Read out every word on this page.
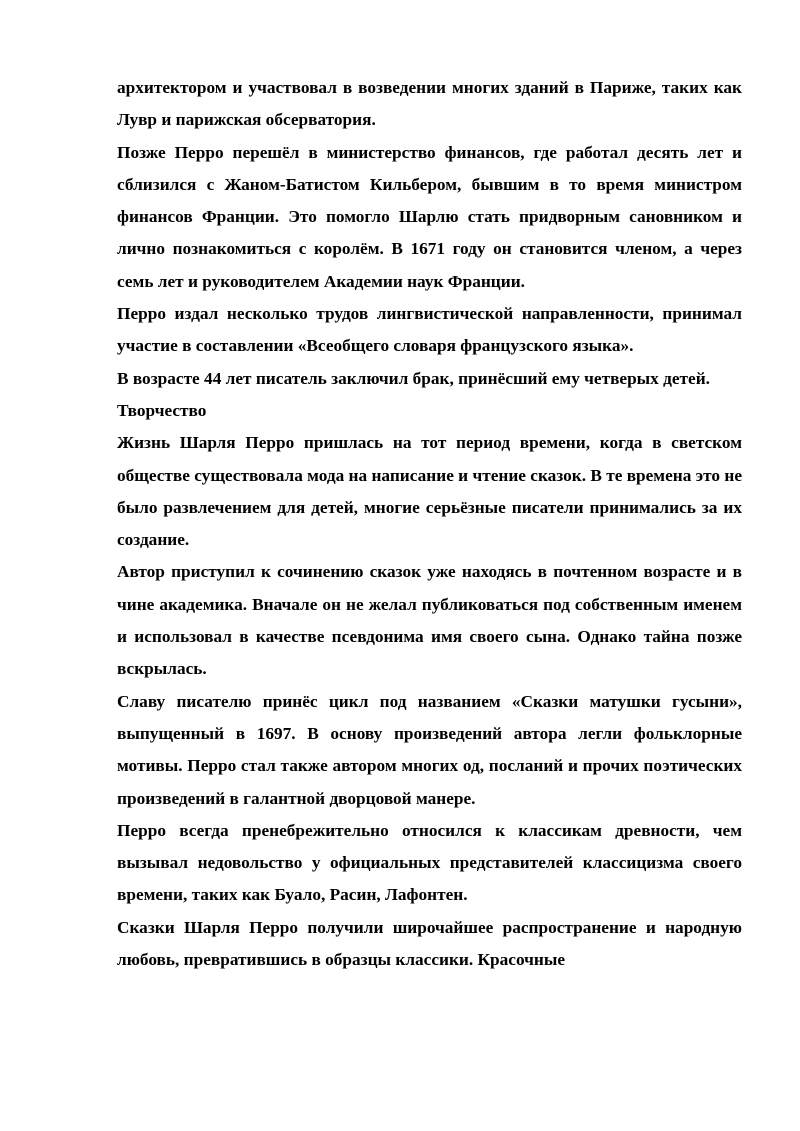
архитектором и участвовал в возведении многих зданий в Париже, таких как Лувр и парижская обсерватория.

Позже Перро перешёл в министерство финансов, где работал десять лет и сблизился с Жаном-Батистом Кильбером, бывшим в то время министром финансов Франции. Это помогло Шарлю стать придворным сановником и лично познакомиться с королём. В 1671 году он становится членом, а через семь лет и руководителем Академии наук Франции.

Перро издал несколько трудов лингвистической направленности, принимал участие в составлении «Всеобщего словаря французского языка».

В возрасте 44 лет писатель заключил брак, принёсший ему четверых детей.

Творчество

Жизнь Шарля Перро пришлась на тот период времени, когда в светском обществе существовала мода на написание и чтение сказок. В те времена это не было развлечением для детей, многие серьёзные писатели принимались за их создание.

Автор приступил к сочинению сказок уже находясь в почтенном возрасте и в чине академика. Вначале он не желал публиковаться под собственным именем и использовал в качестве псевдонима имя своего сына. Однако тайна позже вскрылась.

Славу писателю принёс цикл под названием «Сказки матушки гусыни», выпущенный в 1697. В основу произведений автора легли фольклорные мотивы. Перро стал также автором многих од, посланий и прочих поэтических произведений в галантной дворцовой манере.

Перро всегда пренебрежительно относился к классикам древности, чем вызывал недовольство у официальных представителей классицизма своего времени, таких как Буало, Расин, Лафонтен.

Сказки Шарля Перро получили широчайшее распространение и народную любовь, превратившись в образцы классики. Красочные
